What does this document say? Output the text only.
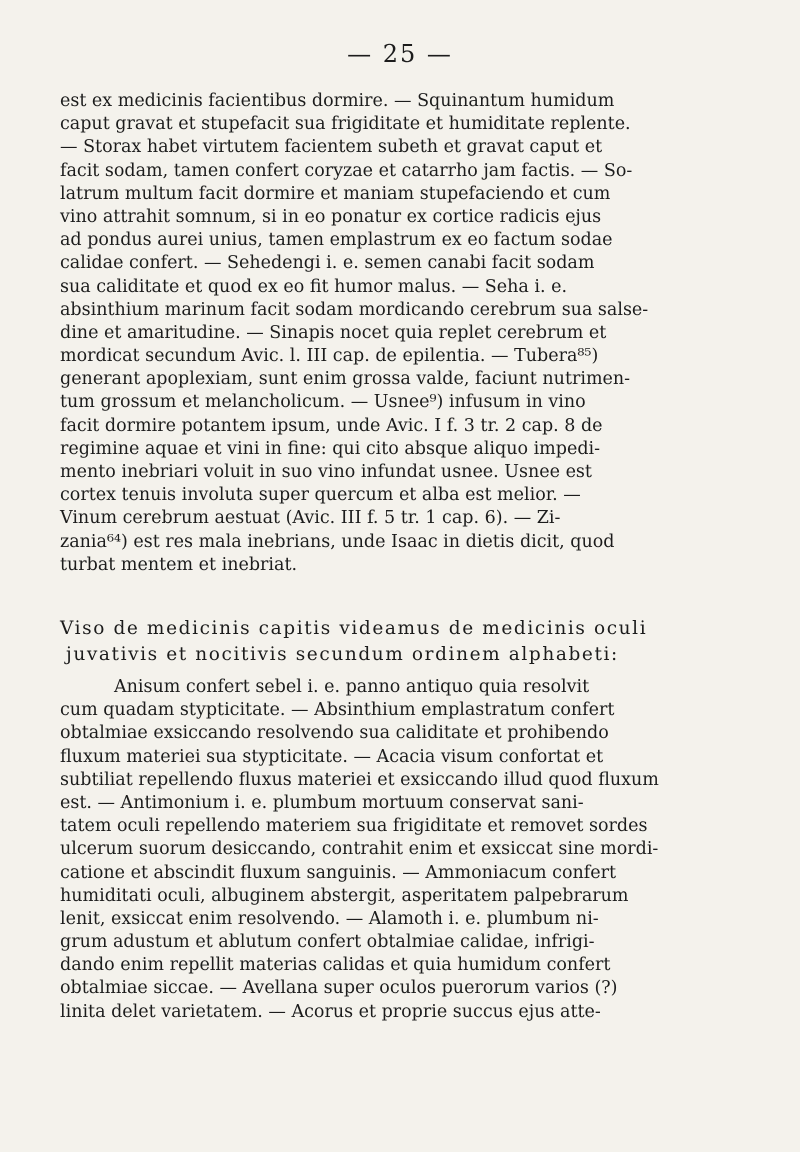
— 25 —
est ex medicinis facientibus dormire. — Squinantum humidum
caput gravat et stupefacit sua frigiditate et humiditate replente.
— Storax habet virtutem facientem subeth et gravat caput et
facit sodam, tamen confert coryzae et catarrho jam factis. — So-
latrum multum facit dormire et maniam stupefaciendo et cum
vino attrahit somnum, si in eo ponatur ex cortice radicis ejus
ad pondus aurei unius, tamen emplastrum ex eo factum sodae
calidae confert. — Sehedengi i. e. semen canabi facit sodam
sua caliditate et quod ex eo fit humor malus. — Seha i. e.
absinthium marinum facit sodam mordicando cerebrum sua salse-
dine et amaritudine. — Sinapis nocet quia replet cerebrum et
mordicat secundum Avic. l. III cap. de epilentia. — Tubera⁸⁵)
generant apoplexiam, sunt enim grossa valde, faciunt nutrimen-
tum grossum et melancholicum. — Usnee⁹) infusum in vino
facit dormire potantem ipsum, unde Avic. I f. 3 tr. 2 cap. 8 de
regimine aquae et vini in fine: qui cito absque aliquo impedi-
mento inebriari voluit in suo vino infundat usnee. Usnee est
cortex tenuis involuta super quercum et alba est melior. —
Vinum cerebrum aestuat (Avic. III f. 5 tr. 1 cap. 6). — Zi-
zania⁶⁴) est res mala inebrians, unde Isaac in dietis dicit, quod
turbat mentem et inebriat.
Viso de medicinis capitis videamus de medicinis oculi
juvativis et nocitivis secundum ordinem alphabeti:
Anisum confert sebel i. e. panno antiquo quia resolvit
cum quadam stypticitate. — Absinthium emplastratum confert
obtalmiae exsiccando resolvendo sua caliditate et prohibendo
fluxum materiei sua stypticitate. — Acacia visum confortat et
subtiliat repellendo fluxus materiei et exsiccando illud quod fluxum
est. — Antimonium i. e. plumbum mortuum conservat sani-
tatem oculi repellendo materiem sua frigiditate et removet sordes
ulcerum suorum desiccando, contrahit enim et exsiccat sine mordi-
catione et abscindit fluxum sanguinis. — Ammoniacum confert
humiditati oculi, albuginem abstergit, asperitatem palpebrarum
lenit, exsiccat enim resolvendo. — Alamoth i. e. plumbum ni-
grum adustum et ablutum confert obtalmiae calidae, infrigi-
dando enim repellit materias calidas et quia humidum confert
obtalmiae siccae. — Avellana super oculos puerorum varios (?)
linita delet varietatem. — Acorus et proprie succus ejus atte-
